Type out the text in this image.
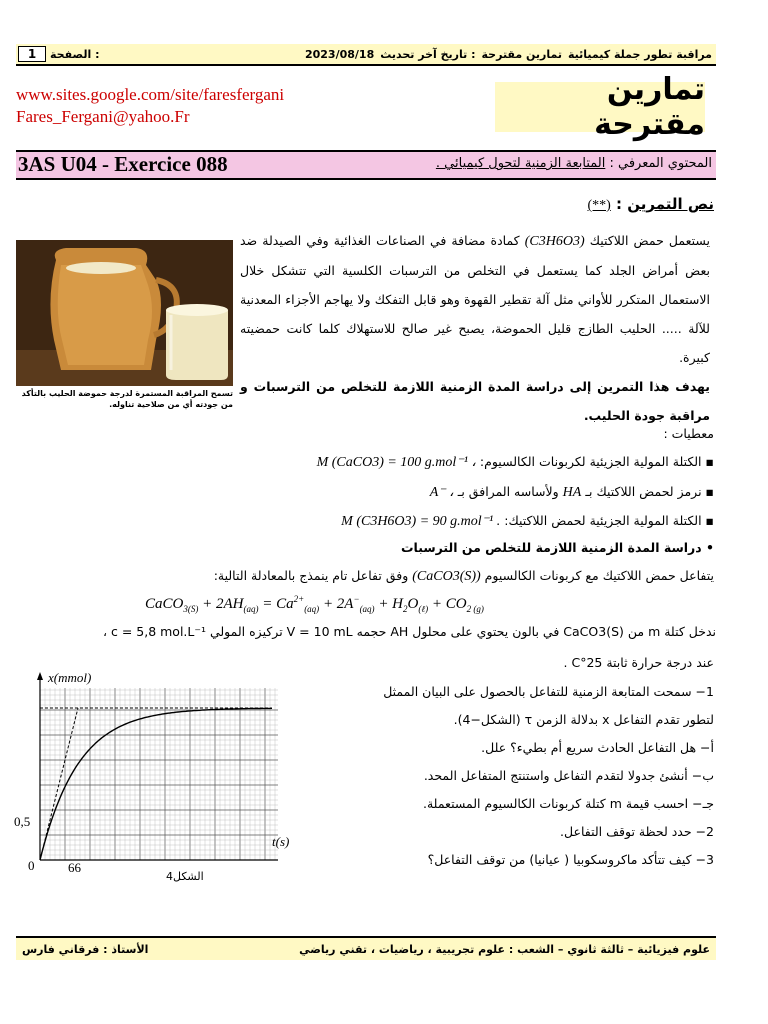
1	الصفحة :	2023/08/18 تاريخ آخر تحديث : تمارين مقترحة مراقبة تطور جملة كيميائية
www.sites.google.com/site/faresfergani
Fares_Fergani@yahoo.Fr
تمارين مقترحة
3AS U04 - Exercice 088	المحتوي المعرفي : المتابعة الزمنية لتحول كيميائي .
نص التمرين : (**)
تسمح المراقبة المستمرة لدرجة حموضة الحليب بالتأكد من جودته أي من صلاحية تناوله.
يستعمل حمض اللاكتيك (C3H6O3) كمادة مضافة في الصناعات الغذائية وفي الصيدلة ضد بعض أمراض الجلد كما يستعمل في التخلص من الترسبات الكلسية التي تتشكل خلال الاستعمال المتكرر للأواني مثل آلة تقطير القهوة وهو قابل التفكك ولا يهاجم الأجزاء المعدنية للآلة ..... الحليب الطازج قليل الحموضة، يصبح غير صالح للاستهلاك كلما كانت حمضيته كبيرة.
يهدف هذا التمرين إلى دراسة المدة الزمنية اللازمة للتخلص من الترسبات و مراقبة جودة الحليب.
معطيات :
▪ الكتلة المولية الجزيئية لكربونات الكالسيوم: M (CaCO3) = 100 g.mol⁻¹ ،
▪ نرمز لحمض اللاكتيك بـ HA ولأساسه المرافق بـ A⁻ ،
▪ الكتلة المولية الجزيئية لحمض اللاكتيك: M (C3H6O3) = 90 g.mol⁻¹ .
• دراسة المدة الزمنية اللازمة للتخلص من الترسبات
يتفاعل حمض اللاكتيك مع كربونات الكالسيوم (CaCO3(S)) وفق تفاعل تام ينمذج بالمعادلة التالية:
CaCO$_{3(S)}$ + $2AH_{(aq)} = Ca^{2+}_{(aq)} + 2A^-_{(aq)} + H_2O_{(\ell)} + CO_{2 (g)}$
ندخل كتلة m من CaCO3(S) في بالون يحتوي على محلول AH حجمه V = 10 mL تركيزه المولي c = 5,8 mol.L⁻¹ ،
عند درجة حرارة ثابتة 25°C .
1− سمحت المتابعة الزمنية للتفاعل بالحصول على البيان الممثل
لتطور تقدم التفاعل x بدلالة الزمن τ (الشكل−4).
أ− هل التفاعل الحادث سريع أم بطيء؟ علل.
ب− أنشئ جدولا لتقدم التفاعل واستنتج المتفاعل المحد.
جـ− احسب قيمة m كتلة كربونات الكالسيوم المستعملة.
2− حدد لحظة توقف التفاعل.
3− كيف تتأكد ماكروسكوبيا ( عيانيا) من توقف التفاعل؟
x(mmol)
t(s)
0,5
66
0
الشكل4
الأستاذ : فرقاني فارس	علوم فيزيائية – ثالثة ثانوي – الشعب : علوم تجريبية ، رياضيات ، تقني رياضي
